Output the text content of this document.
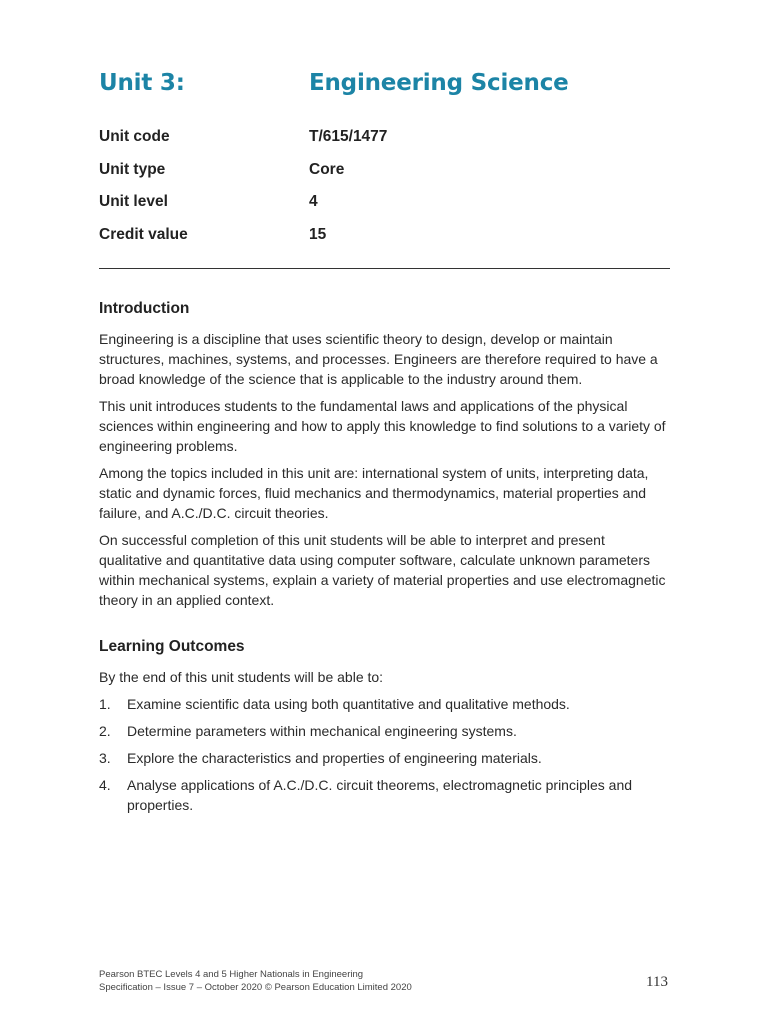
Unit 3:	Engineering Science
Unit code	T/615/1477
Unit type	Core
Unit level	4
Credit value	15
Introduction

Engineering is a discipline that uses scientific theory to design, develop or maintain structures, machines, systems, and processes. Engineers are therefore required to have a broad knowledge of the science that is applicable to the industry around them.

This unit introduces students to the fundamental laws and applications of the physical sciences within engineering and how to apply this knowledge to find solutions to a variety of engineering problems.

Among the topics included in this unit are: international system of units, interpreting data, static and dynamic forces, fluid mechanics and thermodynamics, material properties and failure, and A.C./D.C. circuit theories.

On successful completion of this unit students will be able to interpret and present qualitative and quantitative data using computer software, calculate unknown parameters within mechanical systems, explain a variety of material properties and use electromagnetic theory in an applied context.

Learning Outcomes

By the end of this unit students will be able to:

1. Examine scientific data using both quantitative and qualitative methods.
2. Determine parameters within mechanical engineering systems.
3. Explore the characteristics and properties of engineering materials.
4. Analyse applications of A.C./D.C. circuit theorems, electromagnetic principles and properties.
Pearson BTEC Levels 4 and 5 Higher Nationals in Engineering
Specification – Issue 7 – October 2020 © Pearson Education Limited 2020	113
